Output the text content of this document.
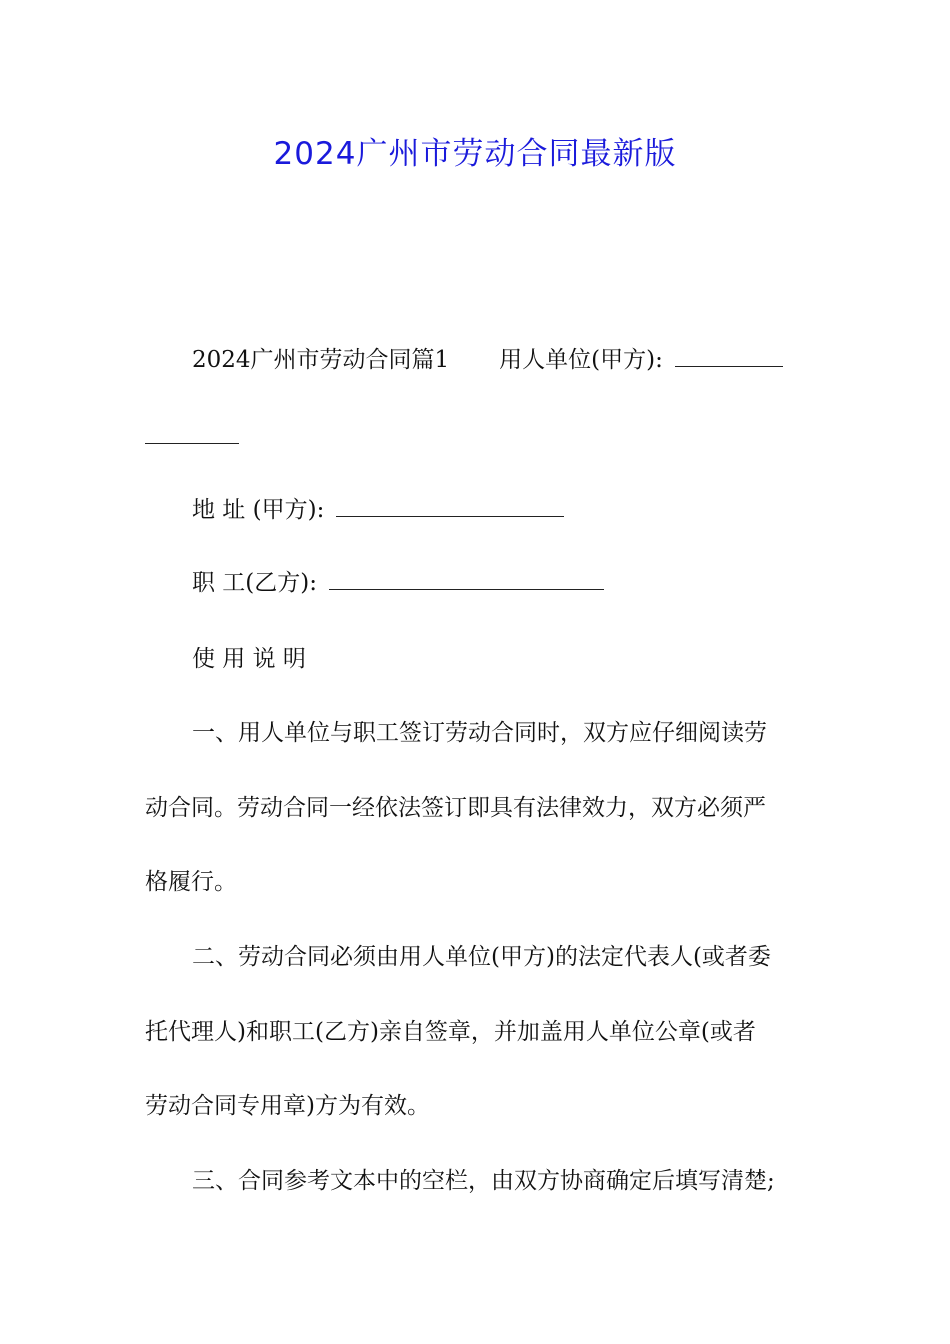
2024广州市劳动合同最新版
2024广州市劳动合同篇1 用人单位(甲方):
地 址 (甲方):
职 工(乙方):
使 用 说 明
一、用人单位与职工签订劳动合同时，双方应仔细阅读劳
动合同。劳动合同一经依法签订即具有法律效力，双方必须严
格履行。
二、劳动合同必须由用人单位(甲方)的法定代表人(或者委
托代理人)和职工(乙方)亲自签章，并加盖用人单位公章(或者
劳动合同专用章)方为有效。
三、合同参考文本中的空栏，由双方协商确定后填写清楚;
